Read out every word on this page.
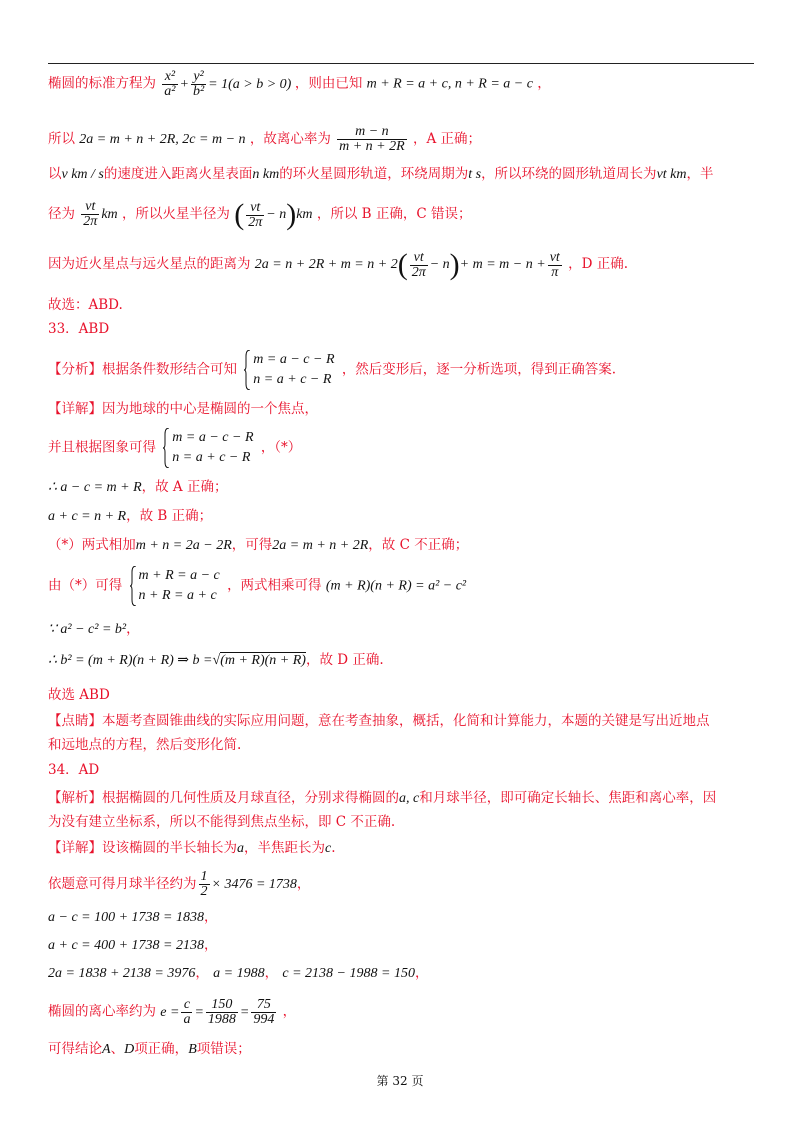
椭圆的标准方程为 $\frac{\text{x²}}{\text{a²}} + \frac{\text{y²}}{\text{b²}} = 1(a > b > 0)$ ，则由已知 m + R = a + c, n + R = a − c ，
所以 2a = m + n + 2R, 2c = m − n ，故离心率为 $\frac{m - n}{m + n + 2R}$ ，A 正确；
以v km / s的速度进入距离火星表面n km的环火星圆形轨道，环绕周期为t s，所以环绕的圆形轨道周长为vt km，半
径为 $\frac{vt}{2\pi}$ km ，所以火星半径为 ( $\frac{vt}{2\pi} - n)km$ ，所以 B 正确，C 错误；
因为近火星点与远火星点的距离为 $2a = n + 2R + m = n + 2( \frac{vt}{2\pi} - n)+ m = m - n + \frac{vt}{\pi}$ ，D 正确.
故选：ABD.
33．ABD
【分析】根据条件数形结合可知
m = a − c − R
n = a + c − R
，然后变形后，逐一分析选项，得到正确答案.
【详解】因为地球的中心是椭圆的一个焦点，
并且根据图象可得
m = a − c − R
n = a + c − R
，（*）
∴ a − c = m + R，故 A 正确；
a + c = n + R，故 B 正确；
（*）两式相加m + n = 2a − 2R，可得2a = m + n + 2R，故 C 不正确；
由（*）可得
m + R = a − c
n + R = a + c
，两式相乘可得 (m + R)(n + R) = a² − c²
∵ a² − c² = b²，
∴ b² = (m + R)(n + R) ⇒ b =√(m + R)(n + R)，故 D 正确.
故选 ABD
【点睛】本题考查圆锥曲线的实际应用问题，意在考查抽象，概括，化简和计算能力，本题的关键是写出近地点
和远地点的方程，然后变形化简.
34．AD
【解析】根据椭圆的几何性质及月球直径，分别求得椭圆的a, c和月球半径，即可确定长轴长、焦距和离心率，因
为没有建立坐标系，所以不能得到焦点坐标，即 C 不正确.
【详解】设该椭圆的半长轴长为a，半焦距长为c.
依题意可得月球半径约为 $\frac{1}{2} \times 3476 = 1738$，
a − c = 100 + 1738 = 1838，
a + c = 400 + 1738 = 2138，
2a = 1838 + 2138 = 3976， a = 1988， c = 2138 − 1988 = 150，
椭圆的离心率约为 $e = \frac{c}{a} = \frac{150}{1988} = \frac{75}{994}$ ，
可得结论A、D项正确，B项错误；
第 32 页
